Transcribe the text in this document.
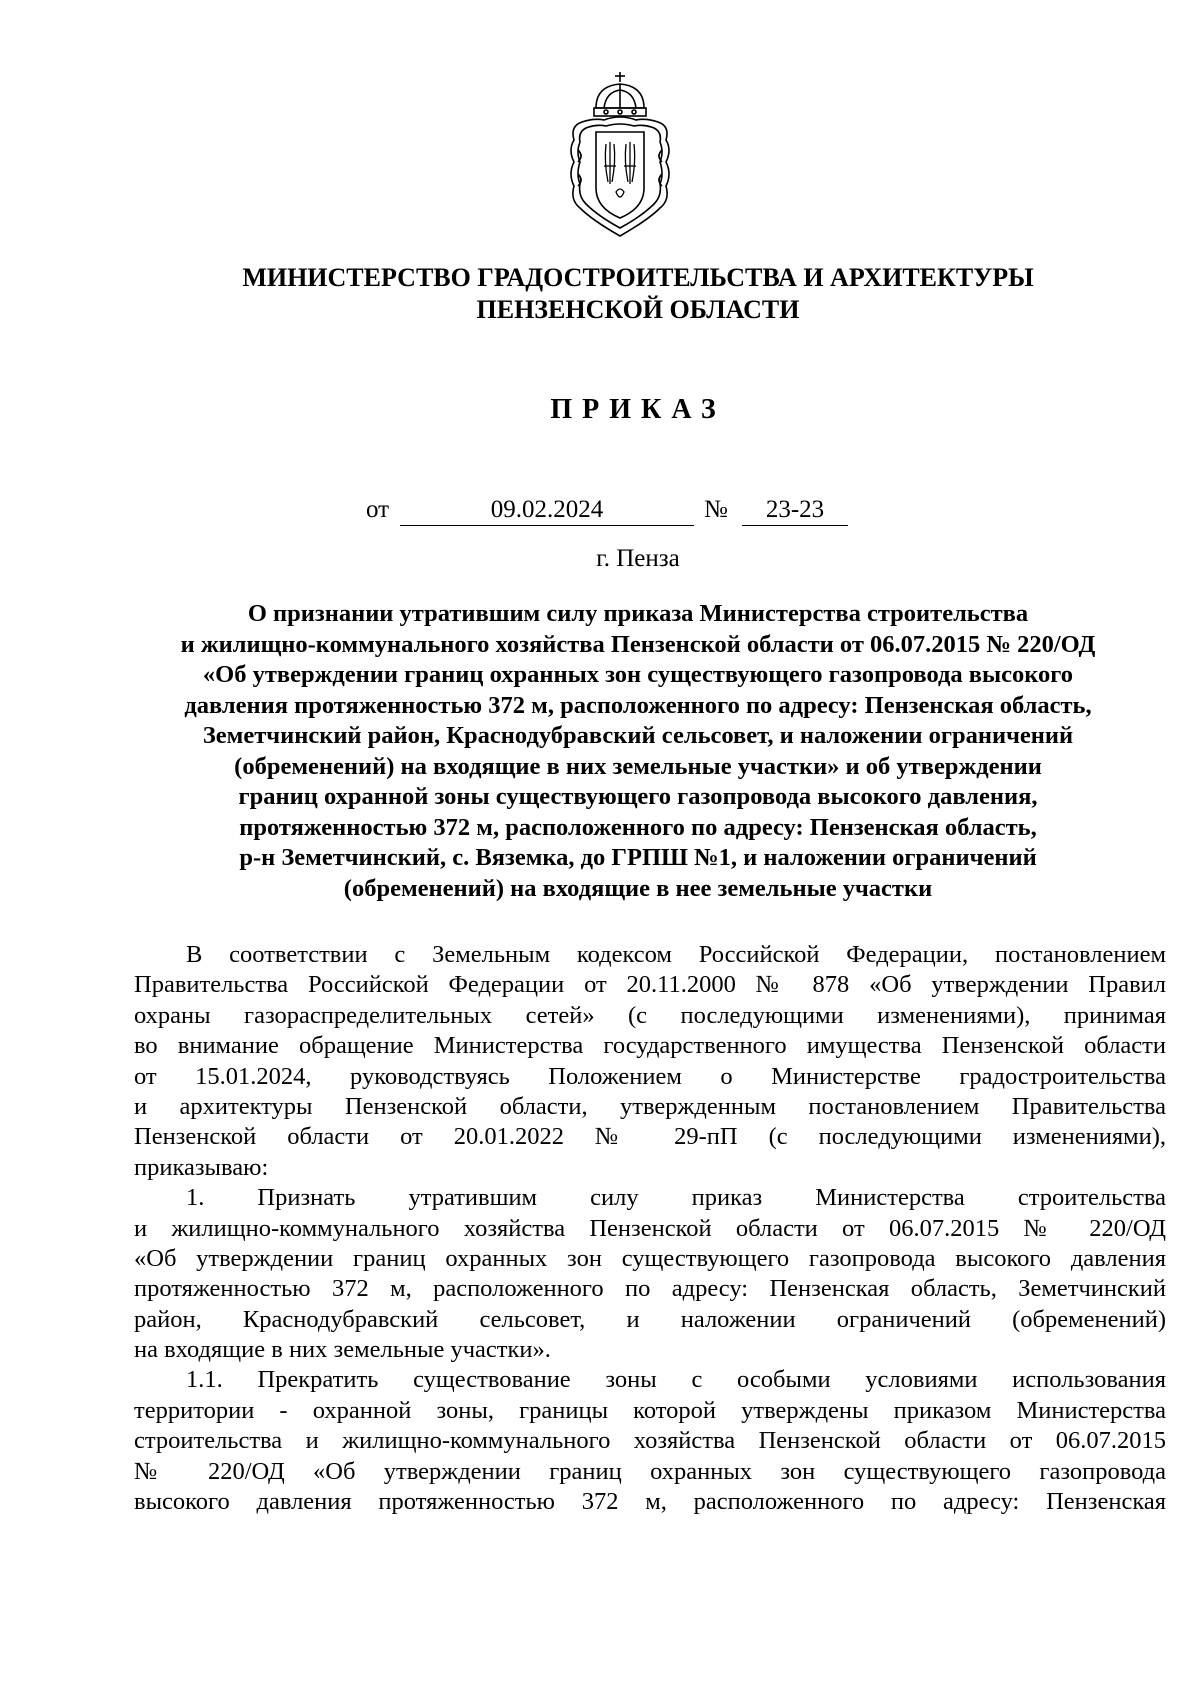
МИНИСТЕРСТВО ГРАДОСТРОИТЕЛЬСТВА И АРХИТЕКТУРЫ
ПЕНЗЕНСКОЙ ОБЛАСТИ
ПРИКАЗ
от	09.02.2024	№	23-23
г. Пенза
О признании утратившим силу приказа Министерства строительства
и жилищно-коммунального хозяйства Пензенской области от 06.07.2015 № 220/ОД
«Об утверждении границ охранных зон существующего газопровода высокого
давления протяженностью 372 м, расположенного по адресу: Пензенская область,
Земетчинский район, Краснодубравский сельсовет, и наложении ограничений
(обременений) на входящие в них земельные участки» и об утверждении
границ охранной зоны существующего газопровода высокого давления,
протяженностью 372 м, расположенного по адресу: Пензенская область,
р-н Земетчинский, с. Вяземка, до ГРПШ №1, и наложении ограничений
(обременений) на входящие в нее земельные участки
В соответствии с Земельным кодексом Российской Федерации, постановлением
Правительства Российской Федерации от 20.11.2000 № 878 «Об утверждении Правил
охраны газораспределительных сетей» (с последующими изменениями), принимая
во внимание обращение Министерства государственного имущества Пензенской области
от 15.01.2024, руководствуясь Положением о Министерстве градостроительства
и архитектуры Пензенской области, утвержденным постановлением Правительства
Пензенской области от 20.01.2022 № 29-пП (с последующими изменениями),
приказываю:
1. Признать утратившим силу приказ Министерства строительства
и жилищно-коммунального хозяйства Пензенской области от 06.07.2015 № 220/ОД
«Об утверждении границ охранных зон существующего газопровода высокого давления
протяженностью 372 м, расположенного по адресу: Пензенская область, Земетчинский
район, Краснодубравский сельсовет, и наложении ограничений (обременений)
на входящие в них земельные участки».
1.1. Прекратить существование зоны с особыми условиями использования
территории - охранной зоны, границы которой утверждены приказом Министерства
строительства и жилищно-коммунального хозяйства Пензенской области от 06.07.2015
№ 220/ОД «Об утверждении границ охранных зон существующего газопровода
высокого давления протяженностью 372 м, расположенного по адресу: Пензенская
